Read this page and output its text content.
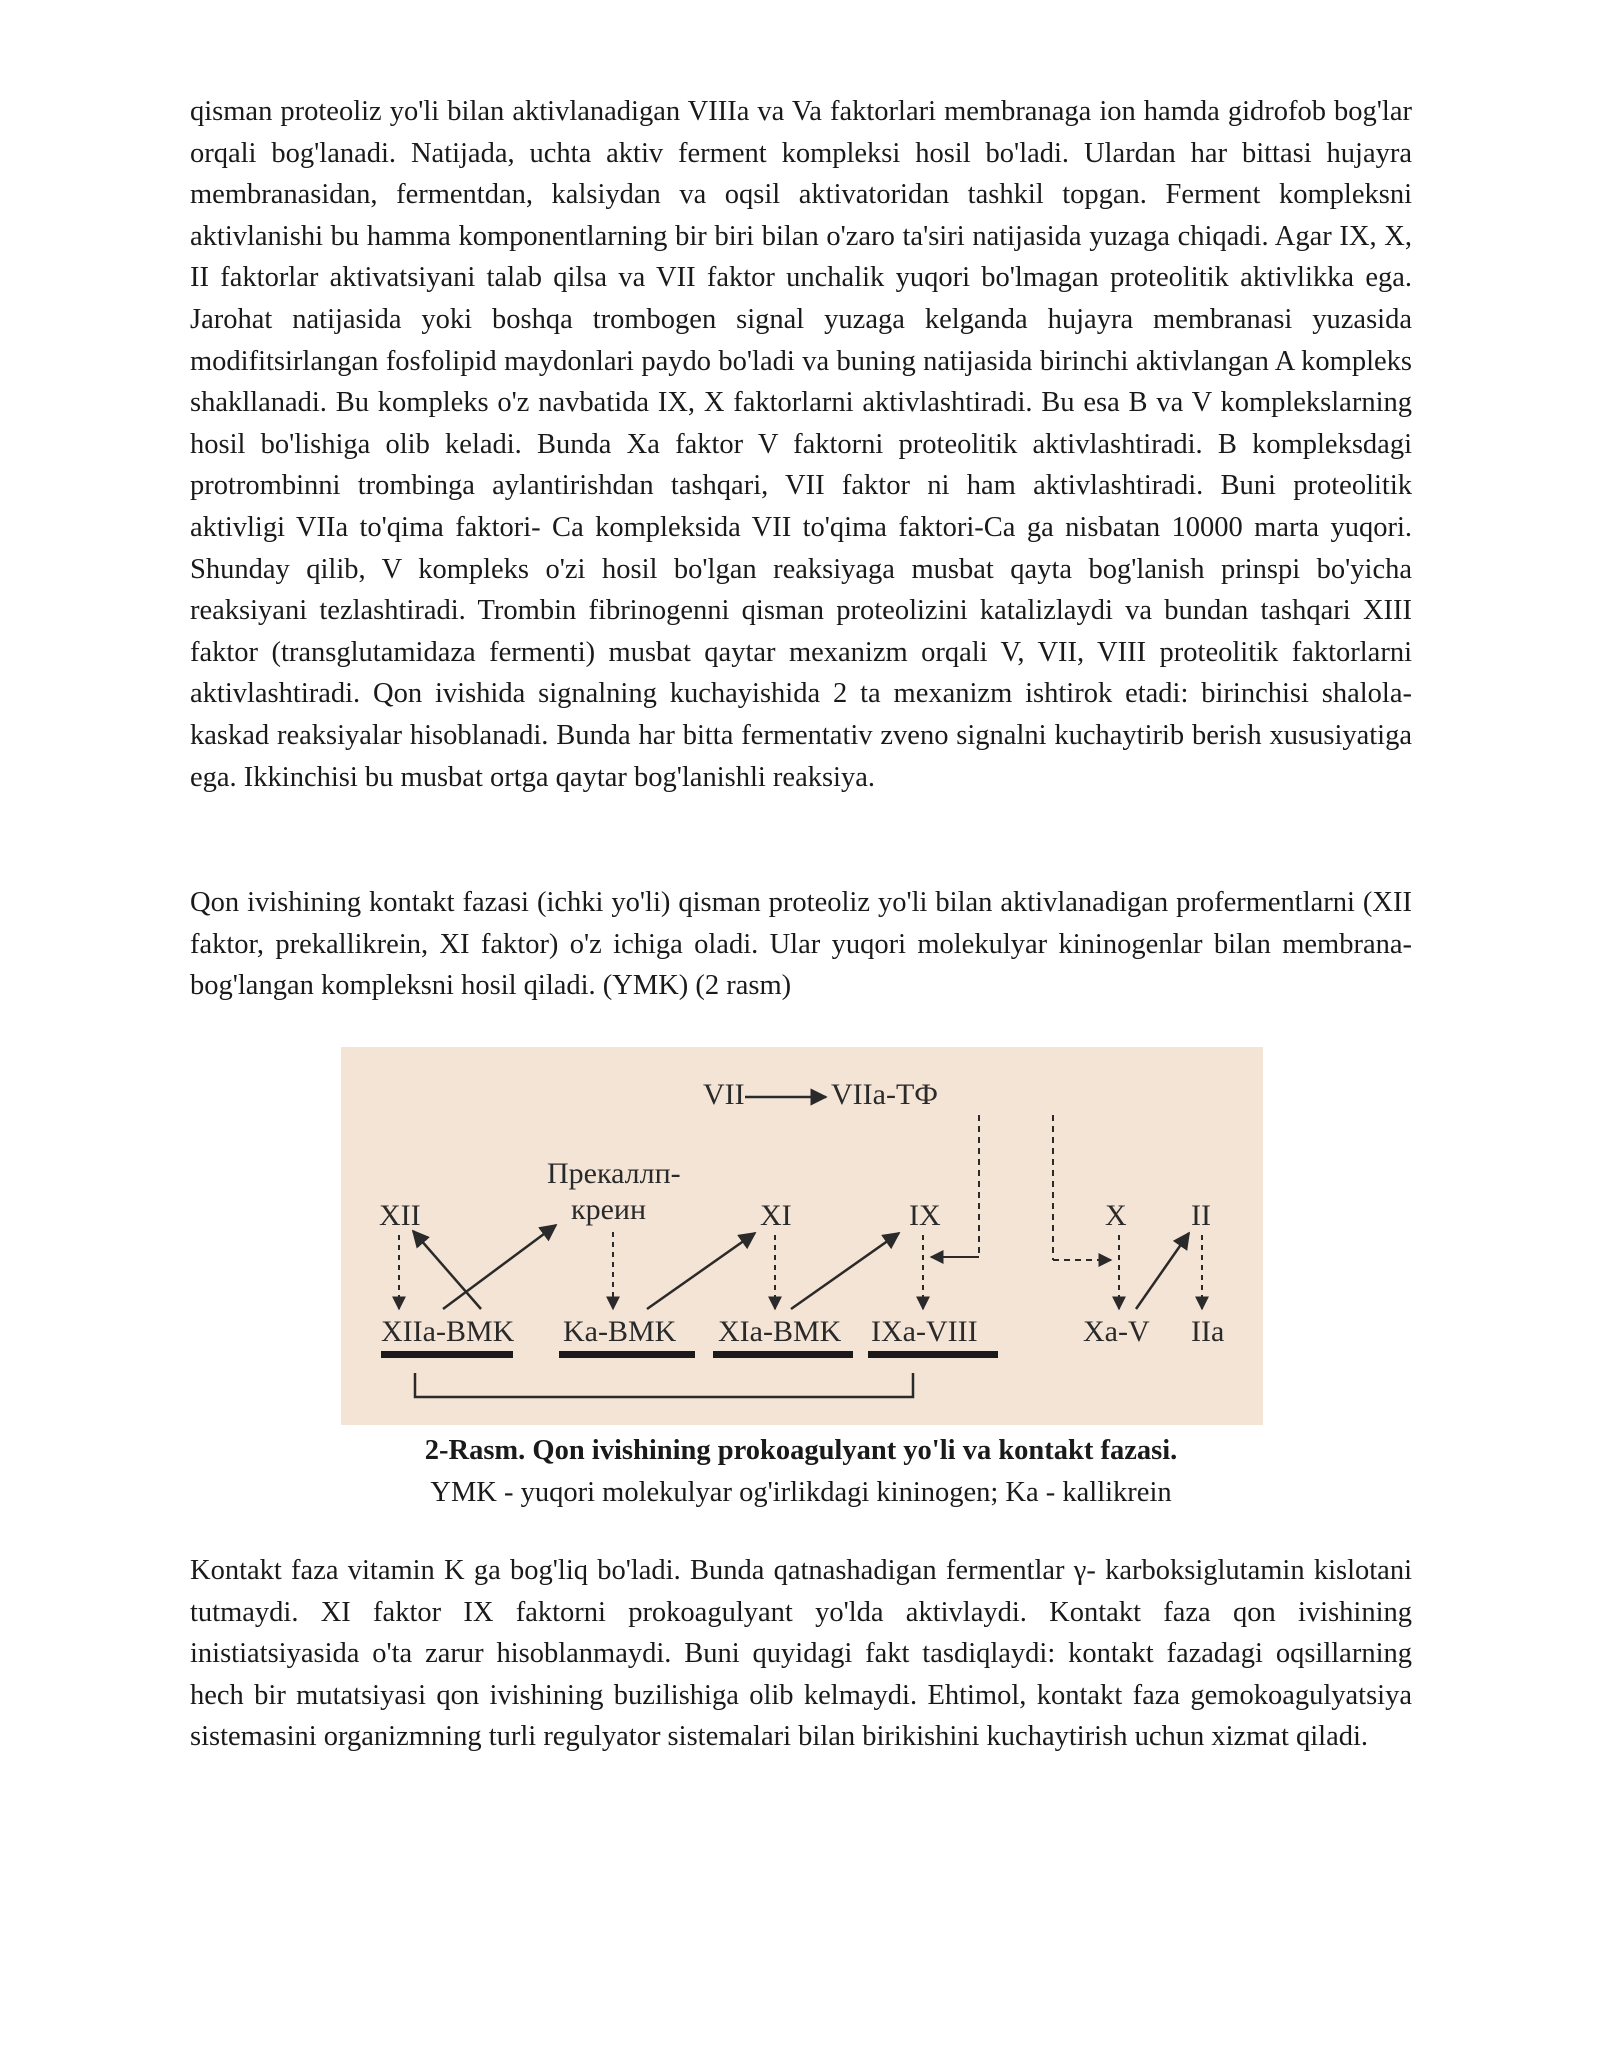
qisman proteoliz yo'li bilan aktivlanadigan VIIIa va Va faktorlari membranaga ion hamda gidrofob bog'lar orqali bog'lanadi. Natijada, uchta aktiv ferment kompleksi hosil bo'ladi. Ulardan har bittasi hujayra membranasidan, fermentdan, kalsiydan va oqsil aktivatoridan tashkil topgan. Ferment kompleksni aktivlanishi bu hamma komponentlarning bir biri bilan o'zaro ta'siri natijasida yuzaga chiqadi. Agar IX, X, II faktorlar aktivatsiyani talab qilsa va VII faktor unchalik yuqori bo'lmagan proteolitik aktivlikka ega. Jarohat natijasida yoki boshqa trombogen signal yuzaga kelganda hujayra membranasi yuzasida modifitsirlangan fosfolipid maydonlari paydo bo'ladi va buning natijasida birinchi aktivlangan A kompleks shakllanadi. Bu kompleks o'z navbatida IX, X faktorlarni aktivlashtiradi. Bu esa B va V komplekslarning hosil bo'lishiga olib keladi. Bunda Xa faktor V faktorni proteolitik aktivlashtiradi. B kompleksdagi protrombinni trombinga aylantirishdan tashqari, VII faktor ni ham aktivlashtiradi. Buni proteolitik aktivligi VIIa to'qima faktori- Ca kompleksida VII to'qima faktori-Ca ga nisbatan 10000 marta yuqori. Shunday qilib, V kompleks o'zi hosil bo'lgan reaksiyaga musbat qayta bog'lanish prinspi bo'yicha reaksiyani tezlashtiradi. Trombin fibrinogenni qisman proteolizini katalizlaydi va bundan tashqari XIII faktor (transglutamidaza fermenti) musbat qaytar mexanizm orqali V, VII, VIII proteolitik faktorlarni aktivlashtiradi. Qon ivishida signalning kuchayishida 2 ta mexanizm ishtirok etadi: birinchisi shalola-kaskad reaksiyalar hisoblanadi. Bunda har bitta fermentativ zveno signalni kuchaytirib berish xususiyatiga ega. Ikkinchisi bu musbat ortga qaytar bog'lanishli reaksiya.

Qon ivishining kontakt fazasi (ichki yo'li) qisman proteoliz yo'li bilan aktivlanadigan profermentlarni (XII faktor, prekallikrein, XI faktor) o'z ichiga oladi. Ular yuqori molekulyar kininogenlar bilan membrana-bog'langan kompleksni hosil qiladi. (YMK) (2 rasm)

VII	VIIa-TФ
XII
Прекаллп-
креин	XI	IX	X II
XIIa-BMK Ka-BMK XIa-BMK IXa-VIII	Xa-V IIa

2-Rasm. Qon ivishining prokoagulyant yo'li va kontakt fazasi.

YMK - yuqori molekulyar og'irlikdagi kininogen; Ka - kallikrein

Kontakt faza vitamin K ga bog'liq bo'ladi. Bunda qatnashadigan fermentlar γ- karboksiglutamin kislotani tutmaydi. XI faktor IX faktorni prokoagulyant yo'lda aktivlaydi. Kontakt faza qon ivishining inistiatsiyasida o'ta zarur hisoblanmaydi. Buni quyidagi fakt tasdiqlaydi: kontakt fazadagi oqsillarning hech bir mutatsiyasi qon ivishining buzilishiga olib kelmaydi. Ehtimol, kontakt faza gemokoagulyatsiya sistemasini organizmning turli regulyator sistemalari bilan birikishini kuchaytirish uchun xizmat qiladi.
